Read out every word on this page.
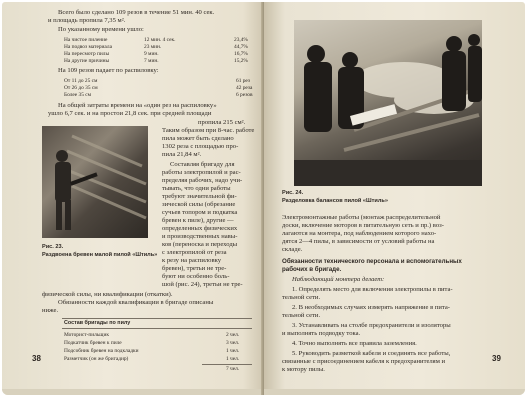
Всего было сделано 109 резов в течение 51 мин. 40 сек.
и площадь пропила 7,35 м².
По указанному времени ушло:
На чистое пиление	12 мин. 4 сек.	23,4%
На подвоз материала	23 мин.	44,7%
На пересмотр пилы	9 мин.	16,7%
На другие причины	7 мин.	15,2%
На 109 резов падает по распиловку:
От 11 до 25 см	61 рез
От 26 до 35 см	42 реза
Более 35 см	6 резов
На общей затраты времени на «один рез на распиловку»
ушло 6,7 сек. и на простои 21,8 сек. при средней площади
Рис. 23.
Раздвоена бревен малой пилой «Штиль»
пропила 215 см².
Таким образом при 8-час. работе
пила может быть сделано
1302 реза с площадью про-
пила 21,84 м².
Составляя бригаду для
работы электропилой и рас-
пределяя рабочих, надо учи-
тывать, что одни работы
требуют значительной фи-
зической силы (обрезание
сучьев топором и подкатка
бревен к пиле), другие —
определенных физических
и производственных навы-
ков (переноска и переходы
с электропилой от реза
к резу на распиловку
бревен), третьи не тре-
буют ни особенно боль-
шой (рис. 24), третьи не тре-
физической силы, ни квалификации (откатки).
Обязанности каждой квалификации в бригаде описаны
ниже.
Состав бригады по пилу
Моторист-пильщик	2 чел.
Подкатчик бревен к пиле	3 чел.
Подсобник бревен на подкладки	1 чел.
Разметчик (он же бригадир)	1 чел.
7 чел.
38
Рис. 24.
Разделовка балансов пилой «Штиль»
Электромонтажные работы (монтаж распределительной
доски, включение моторов в питательную сеть и пр.) воз-
лагаются на монтера, под наблюдением которого нахо-
дятся 2—4 пилы, в зависимости от условий работы на
складе.
Обязанности технического персонала и вспомогательных
рабочих в бригаде.
Наблюдающий монтера делает:
1. Определять место для включения электропилы в пита-
тельной сети.
2. В необходимых случаях измерять напряжение в пита-
тельной сети.
3. Устанавливать на столбе предохранители и изоляторы
и выполнять подводку тока.
4. Точно выполнять все правила заземления.
5. Руководить разметкой кабеля и соединять все работы,
связанные с присоединением кабеля к предохранителям и
к мотору пилы.
39
